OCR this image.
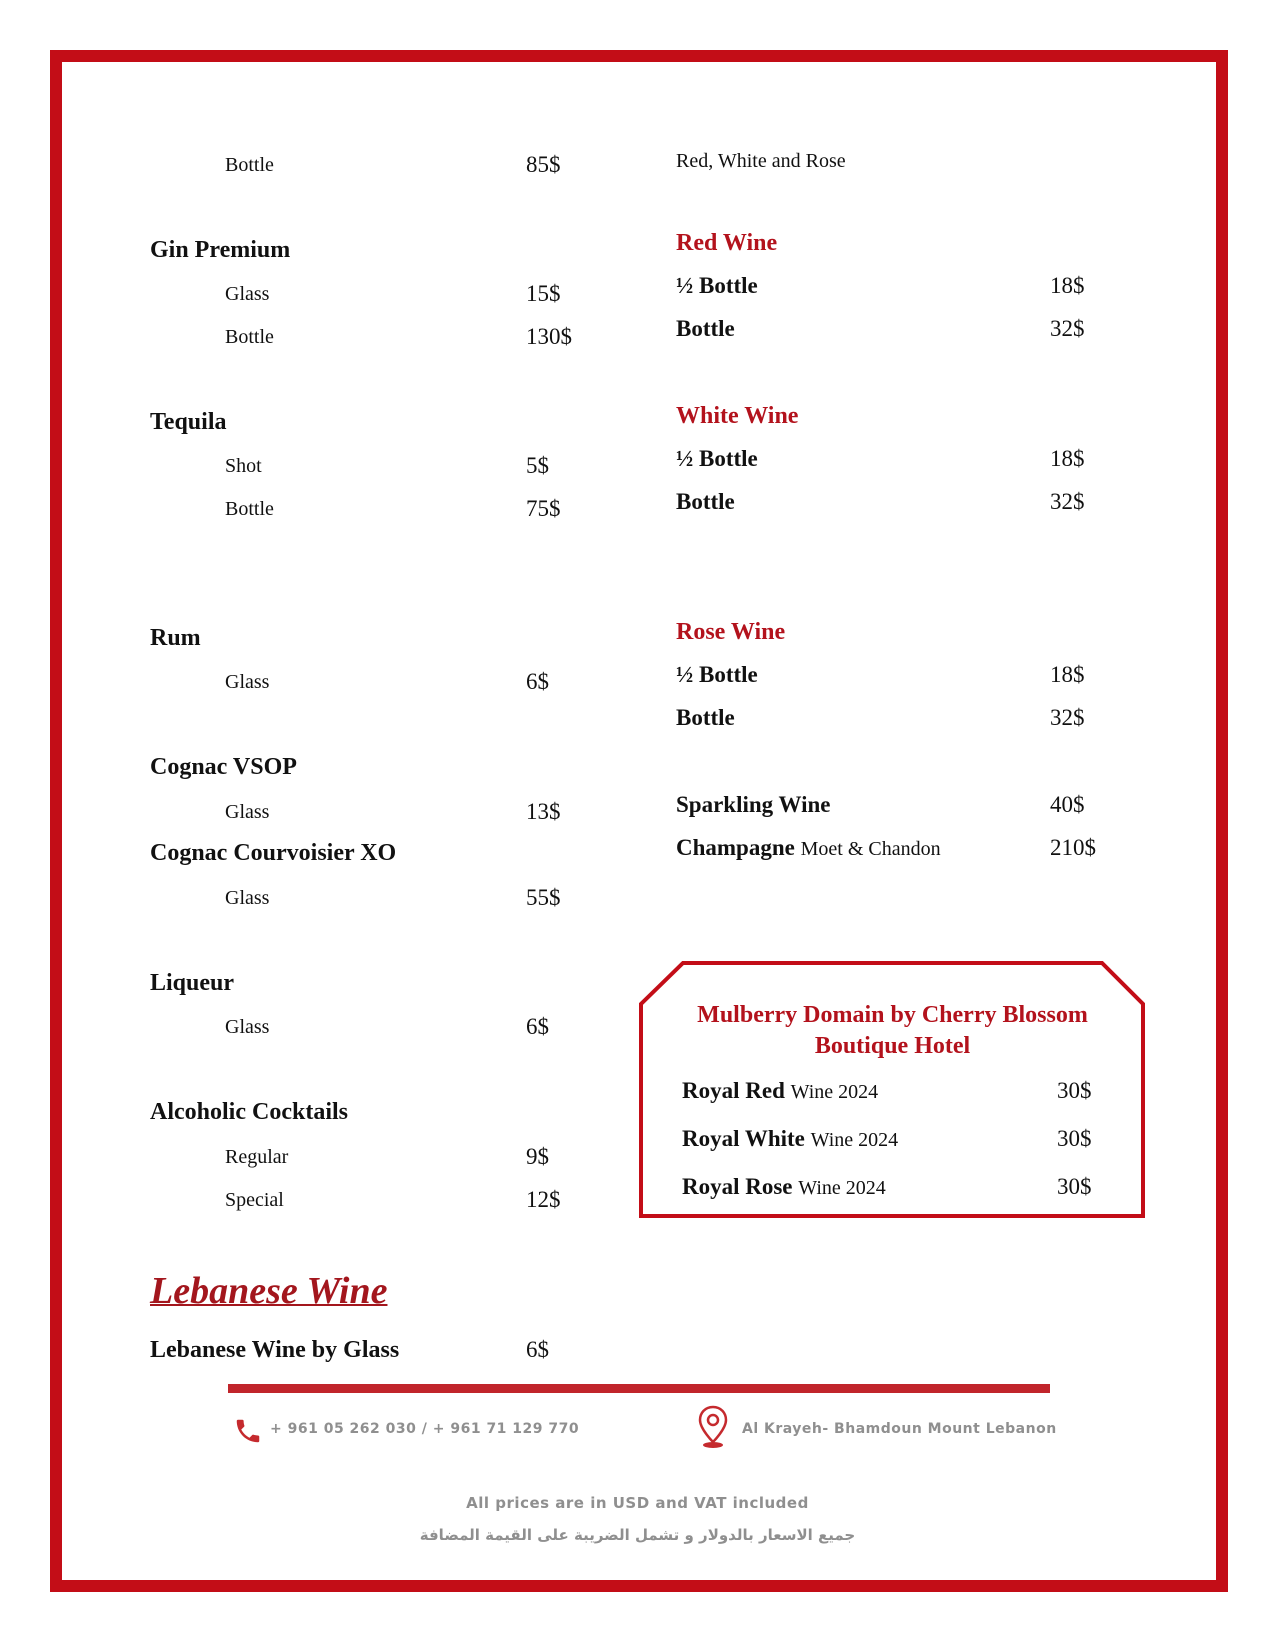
Bottle	85$
Gin Premium
Glass	15$
Bottle	130$
Tequila
Shot	5$
Bottle	75$
Rum
Glass	6$
Cognac VSOP
Glass	13$
Cognac Courvoisier XO
Glass	55$
Liqueur
Glass	6$
Alcoholic Cocktails
Regular	9$
Special	12$
Lebanese Wine
Lebanese Wine by Glass	6$
Red, White and Rose
Red Wine
½ Bottle	18$
Bottle	32$
White Wine
½ Bottle	18$
Bottle	32$
Rose Wine
½ Bottle	18$
Bottle	32$
Sparkling Wine	40$
Champagne Moet & Chandon	210$
Mulberry Domain by Cherry Blossom
Boutique Hotel
Royal Red Wine 2024	30$
Royal White Wine 2024	30$
Royal Rose Wine 2024	30$
+ 961 05 262 030 / + 961 71 129 770	Al Krayeh- Bhamdoun Mount Lebanon
All prices are in USD and VAT included
جميع الاسعار بالدولار و تشمل الضريبة على القيمة المضافة
